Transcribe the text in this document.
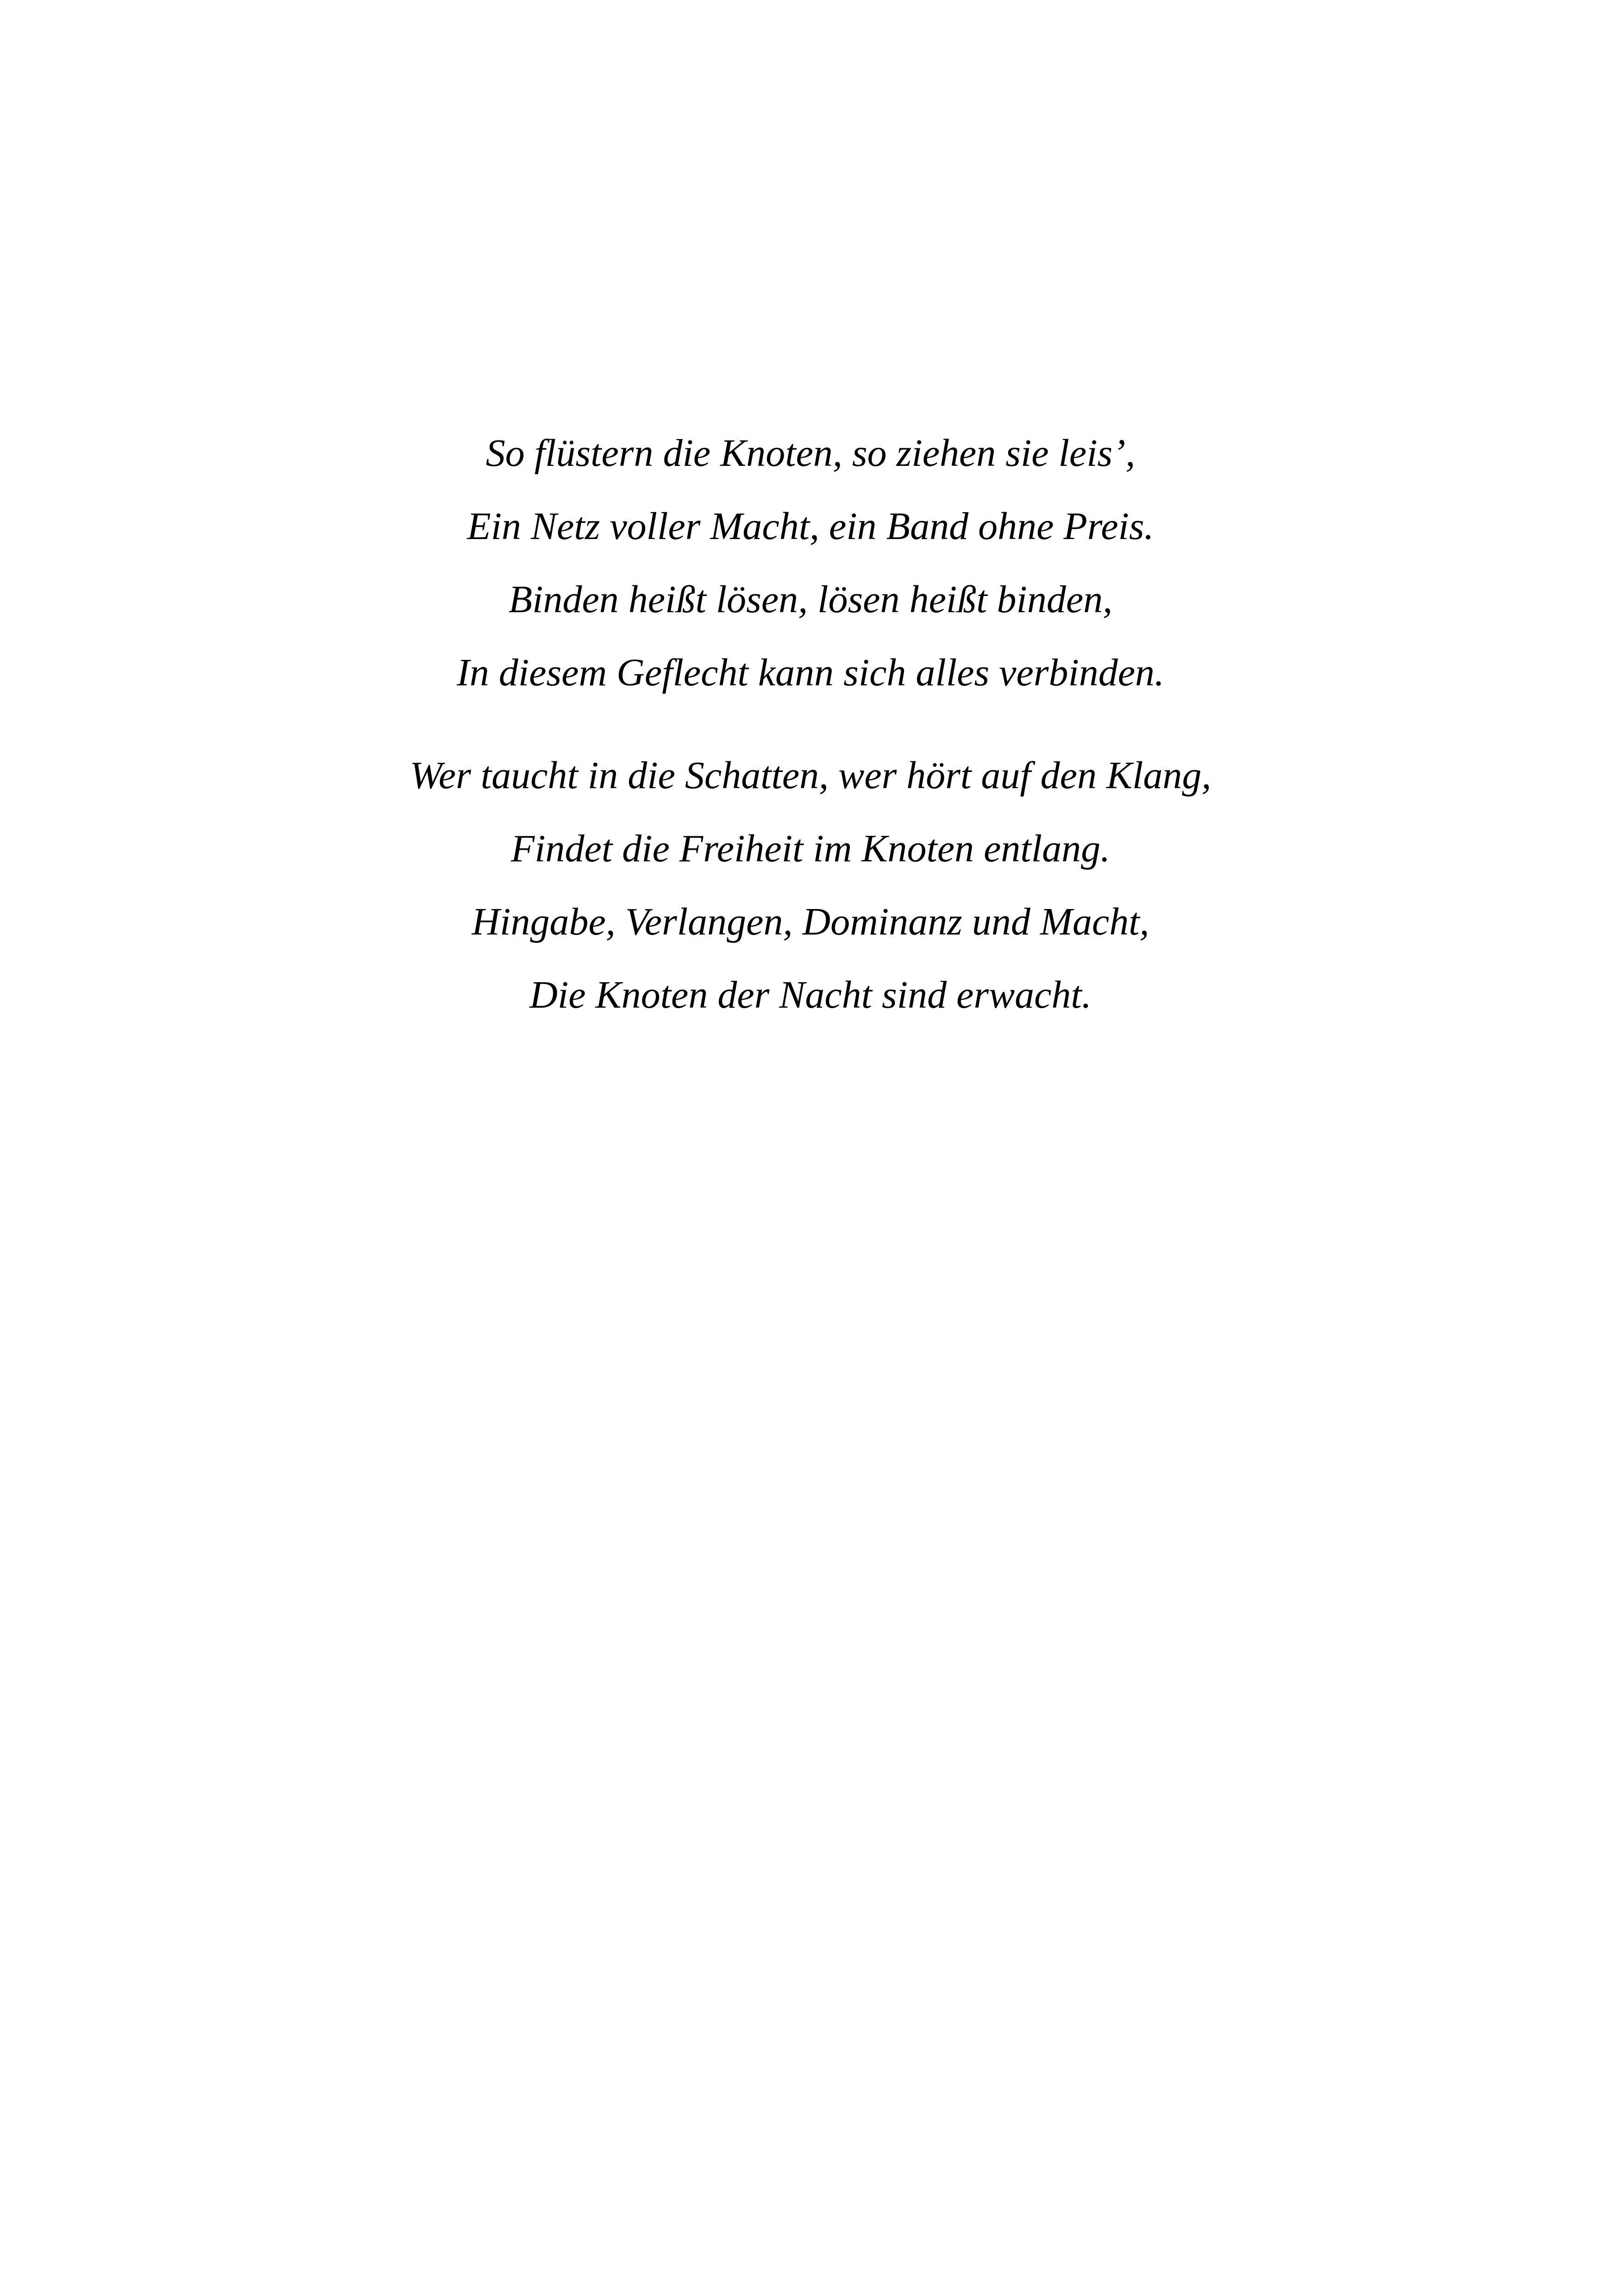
So flüstern die Knoten, so ziehen sie leis’,
Ein Netz voller Macht, ein Band ohne Preis.
Binden heißt lösen, lösen heißt binden,
In diesem Geflecht kann sich alles verbinden.
Wer taucht in die Schatten, wer hört auf den Klang,
Findet die Freiheit im Knoten entlang.
Hingabe, Verlangen, Dominanz und Macht,
Die Knoten der Nacht sind erwacht.
